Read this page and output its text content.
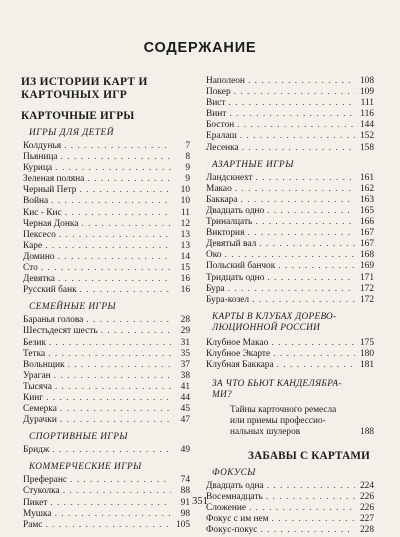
СОДЕРЖАНИЕ
ИЗ ИСТОРИИ КАРТ И КАРТОЧНЫХ ИГР
КАРТОЧНЫЕ ИГРЫ
ИГРЫ ДЛЯ ДЕТЕЙ
Колдунья . . .	7
Пьяница . . .	8
Курица . . .	9
Зеленая поляна . . .	9
Черный Петр . . .	10
Война . . .	10
Кис - Кис . . .	11
Черная Донка . . .	12
Пексесо . . .	13
Каре . . .	13
Домино . . .	14
Сто . . .	15
Девятка . . .	16
Русский банк . . .	16
СЕМЕЙНЫЕ ИГРЫ
Баранья голова . . .	28
Шестьдесят шесть . . .	29
Безик . . .	31
Тетка . . .	35
Вольнщик . . .	37
Ураган . . .	38
Тысяча . . .	41
Кинг . . .	44
Семерка . . .	45
Дурачки . . .	47
СПОРТИВНЫЕ ИГРЫ
Бридж . . .	49
КОММЕРЧЕСКИЕ ИГРЫ
Преферанс . . .	74
Стуколка . . .	88
Пикет . . .	91
Мушка . . .	98
Рамс . . .	105
Наполеон . . .	108
Покер . . .	109
Вист . . .	111
Винт . . .	116
Бостон . . .	144
Ералаш . . .	152
Лесенка . . .	158
АЗАРТНЫЕ ИГРЫ
Ландскнехт . . .	161
Макао . . .	162
Баккара . . .	163
Двадцать одно . . .	165
Триналцать . . .	166
Виктория . . .	167
Девятый вал . . .	167
Око . . .	168
Польский банчок . . .	169
Тридцать одно . . .	171
Бура . . .	172
Бура-козел . . .	172
КАРТЫ В КЛУБАХ ДОРЕВО-
ЛЮЦИОННОЙ РОССИИ
Клубное Макао . . .	175
Клубное Экарте . . .	180
Клубная Баккара . . .	181
ЗА ЧТО БЬЮТ КАНДЕЛЯБРА-
МИ?
Тайны карточного ремесла
или приемы профессио-
нальных шулеров	188
ЗАБАВЫ С КАРТАМИ
ФОКУСЫ
Двадцать одна . . .	224
Восемнадцать . . .	226
Сложение . . .	226
Фокус с им нем . . .	227
Фокус-покус . . .	228
351
